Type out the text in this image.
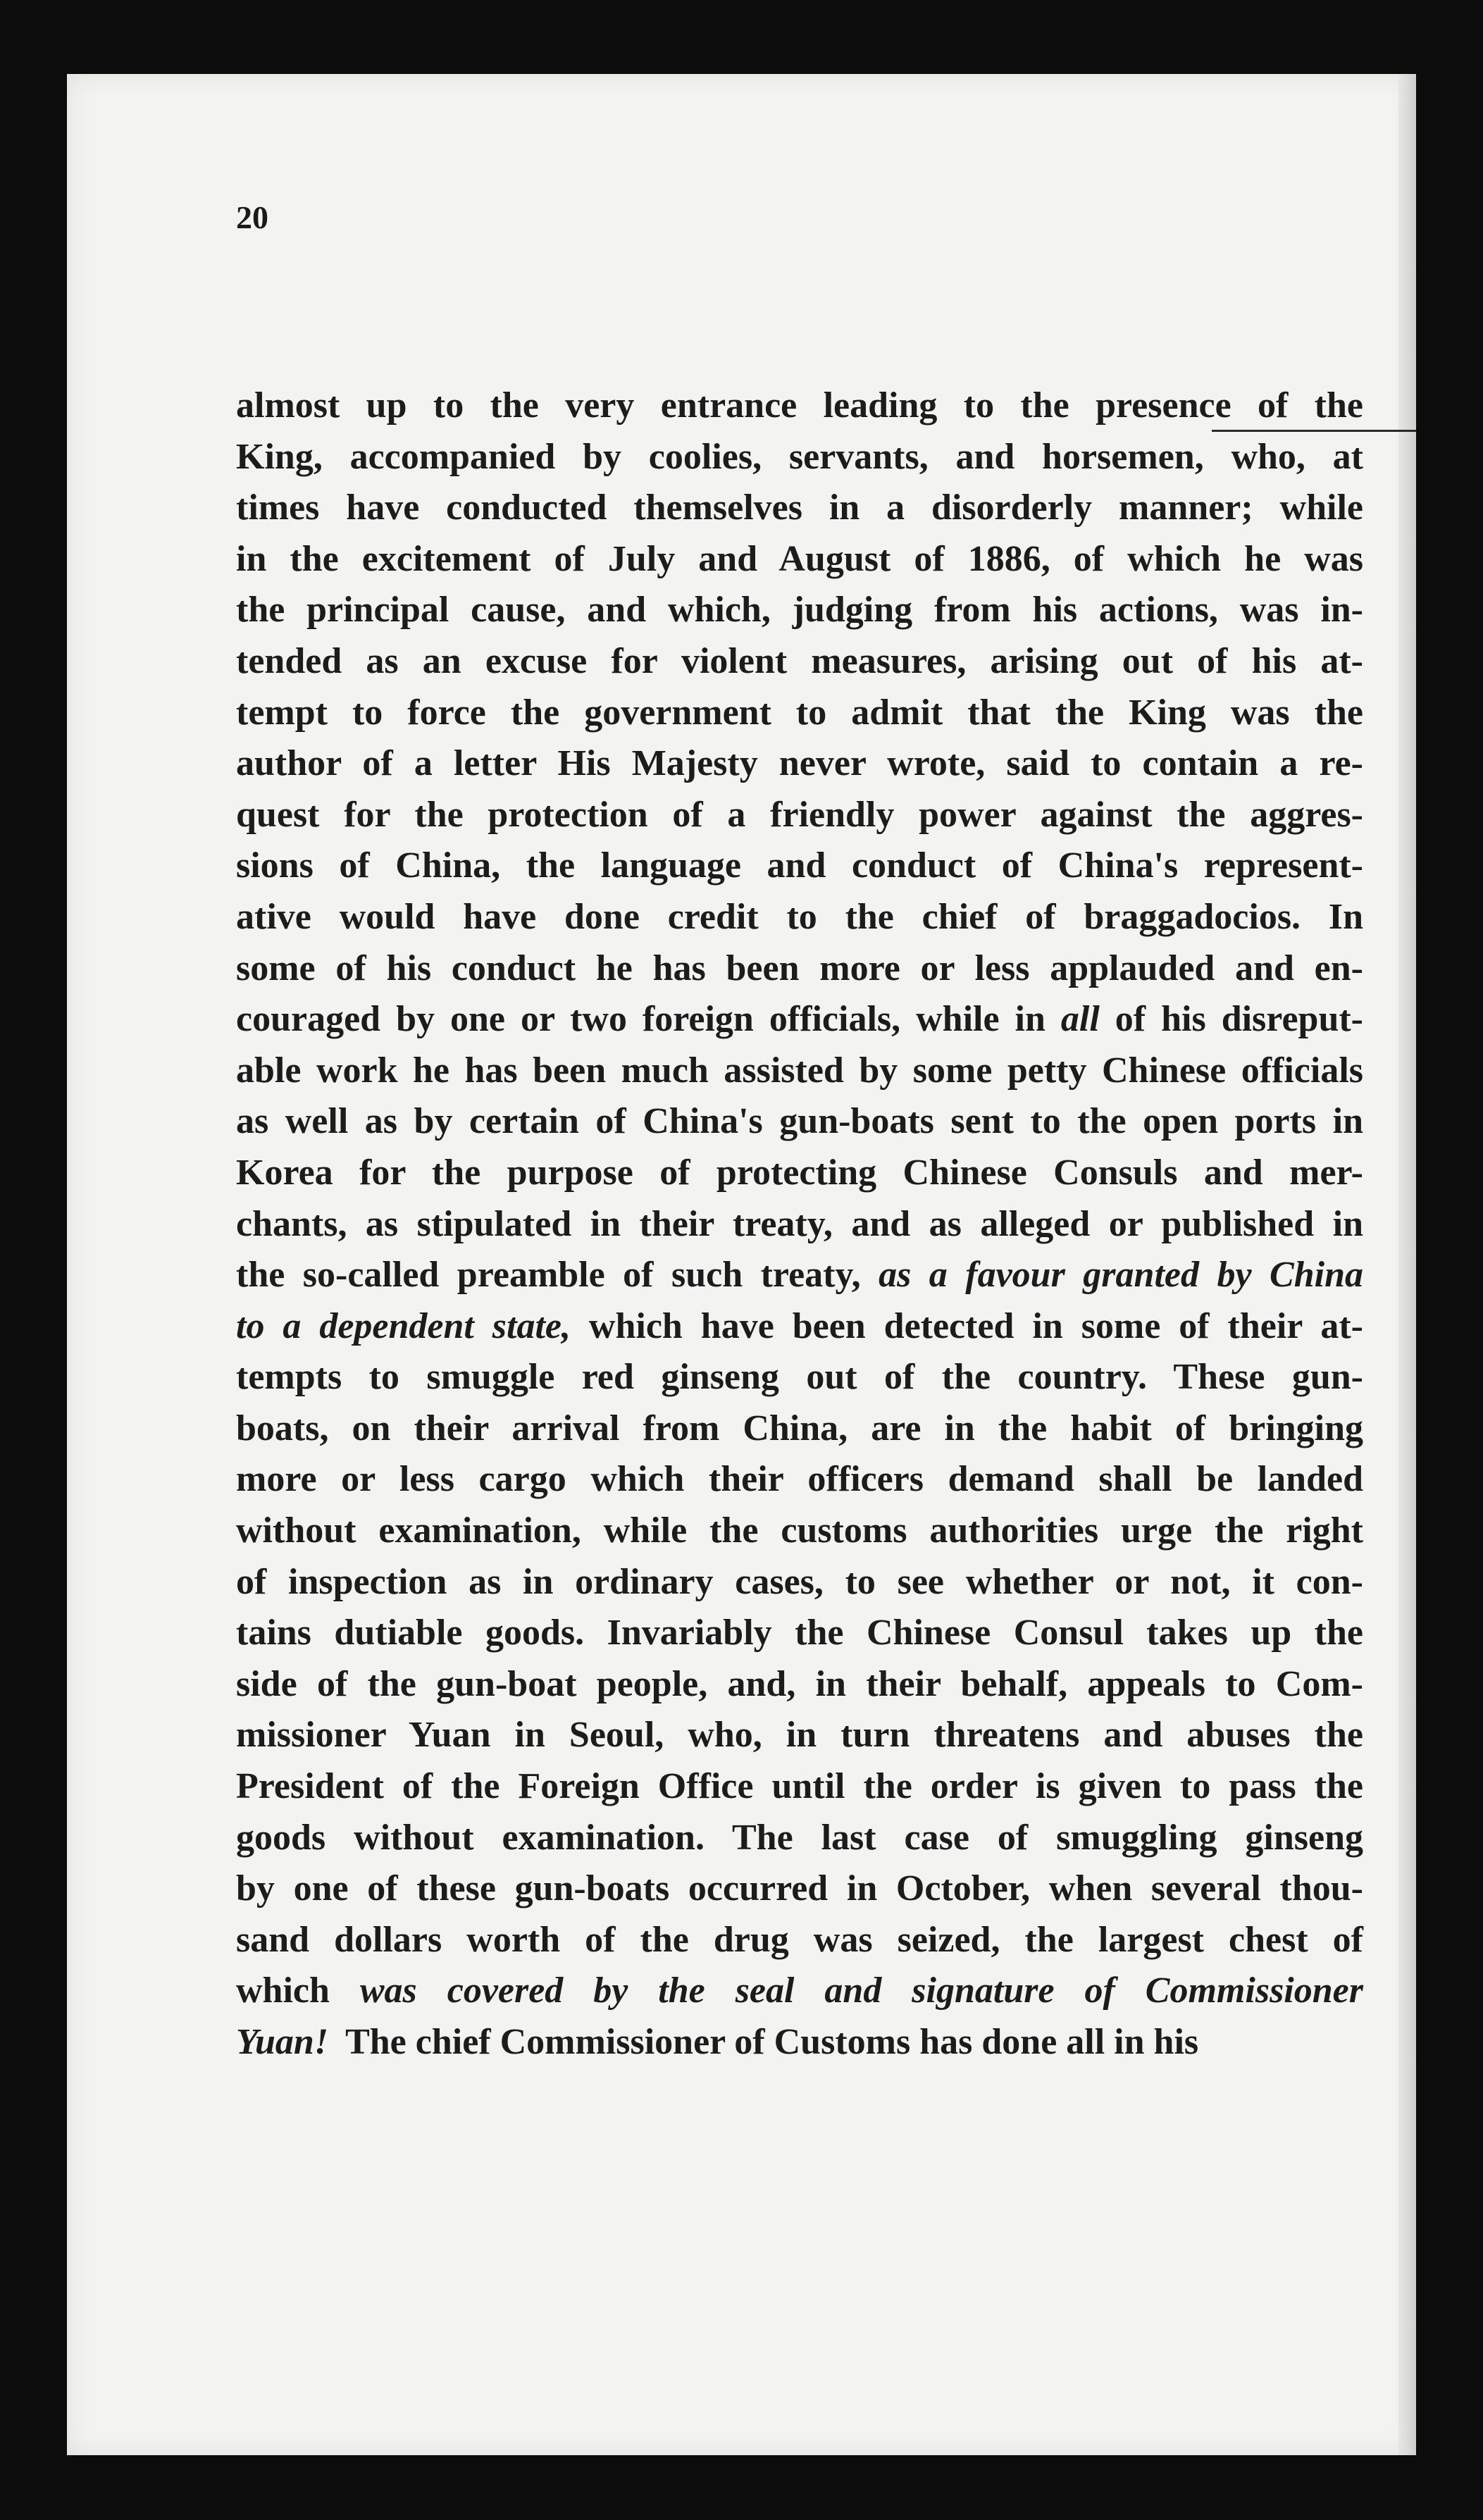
20
almost up to the very entrance leading to the presence of the
King, accompanied by coolies, servants, and horsemen, who, at
times have conducted themselves in a disorderly manner; while
in the excitement of July and August of 1886, of which he was
the principal cause, and which, judging from his actions, was in-
tended as an excuse for violent measures, arising out of his at-
tempt to force the government to admit that the King was the
author of a letter His Majesty never wrote, said to contain a re-
quest for the protection of a friendly power against the aggres-
sions of China, the language and conduct of China's represent-
ative would have done credit to the chief of braggadocios. In
some of his conduct he has been more or less applauded and en-
couraged by one or two foreign officials, while in all of his disreput-
able work he has been much assisted by some petty Chinese officials
as well as by certain of China's gun-boats sent to the open ports in
Korea for the purpose of protecting Chinese Consuls and mer-
chants, as stipulated in their treaty, and as alleged or published in
the so-called preamble of such treaty, as a favour granted by China
to a dependent state, which have been detected in some of their at-
tempts to smuggle red ginseng out of the country. These gun-
boats, on their arrival from China, are in the habit of bringing
more or less cargo which their officers demand shall be landed
without examination, while the customs authorities urge the right
of inspection as in ordinary cases, to see whether or not, it con-
tains dutiable goods. Invariably the Chinese Consul takes up the
side of the gun-boat people, and, in their behalf, appeals to Com-
missioner Yuan in Seoul, who, in turn threatens and abuses the
President of the Foreign Office until the order is given to pass the
goods without examination. The last case of smuggling ginseng
by one of these gun-boats occurred in October, when several thou-
sand dollars worth of the drug was seized, the largest chest of
which was covered by the seal and signature of Commissioner
Yuan! The chief Commissioner of Customs has done all in his
